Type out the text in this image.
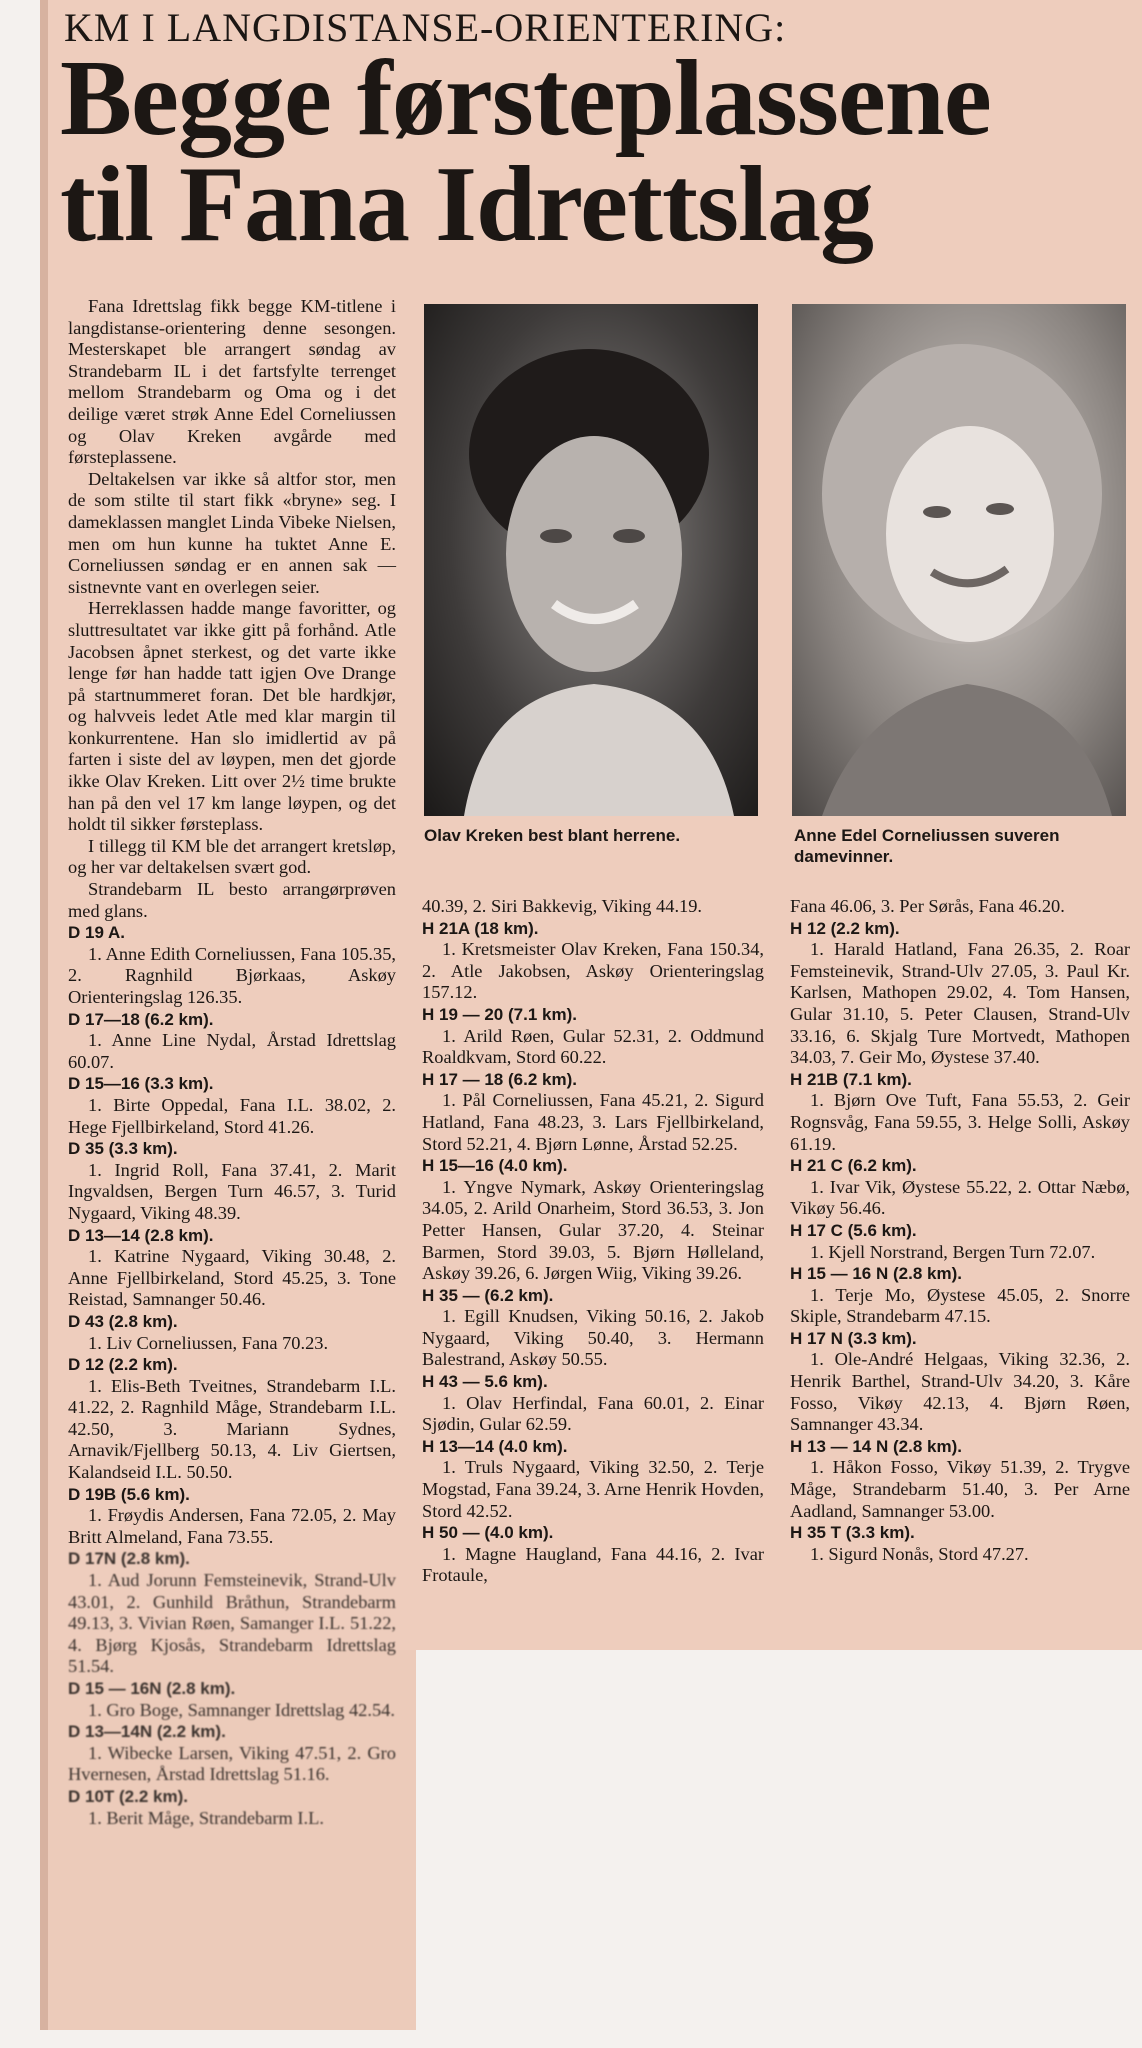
KM I LANGDISTANSE-ORIENTERING:
Begge førsteplassene
til Fana Idrettslag
Olav Kreken best blant herrene.	Anne Edel Corneliussen suveren damevinner.

Fana Idrettslag fikk begge KM-titlene i langdistanse-orientering denne sesongen. Mesterskapet ble arrangert søndag av Strandebarm IL i det fartsfylte terrenget mellom Strandebarm og Oma og i det deilige været strøk Anne Edel Corneliussen og Olav Kreken avgårde med førsteplassene.

Deltakelsen var ikke så altfor stor, men de som stilte til start fikk «bryne» seg. I dameklassen manglet Linda Vibeke Nielsen, men om hun kunne ha tuktet Anne E. Corneliussen søndag er en annen sak — sistnevnte vant en overlegen seier.

Herreklassen hadde mange favoritter, og sluttresultatet var ikke gitt på forhånd. Atle Jacobsen åpnet sterkest, og det varte ikke lenge før han hadde tatt igjen Ove Drange på startnummeret foran. Det ble hardkjør, og halvveis ledet Atle med klar margin til konkurrentene. Han slo imidlertid av på farten i siste del av løypen, men det gjorde ikke Olav Kreken. Litt over 2½ time brukte han på den vel 17 km lange løypen, og det holdt til sikker førsteplass.

I tillegg til KM ble det arrangert kretsløp, og her var deltakelsen svært god.

Strandebarm IL besto arrangørprøven med glans.

D 19 A.
1. Anne Edith Corneliussen, Fana 105.35, 2. Ragnhild Bjørkaas, Askøy Orienteringslag 126.35.
D 17—18 (6.2 km).
1. Anne Line Nydal, Årstad Idrettslag 60.07.
D 15—16 (3.3 km).
1. Birte Oppedal, Fana I.L. 38.02, 2. Hege Fjellbirkeland, Stord 41.26.
D 35 (3.3 km).
1. Ingrid Roll, Fana 37.41, 2. Marit Ingvaldsen, Bergen Turn 46.57, 3. Turid Nygaard, Viking 48.39.
D 13—14 (2.8 km).
1. Katrine Nygaard, Viking 30.48, 2. Anne Fjellbirkeland, Stord 45.25, 3. Tone Reistad, Samnanger 50.46.
D 43 (2.8 km).
1. Liv Corneliussen, Fana 70.23.
D 12 (2.2 km).
1. Elis-Beth Tveitnes, Strandebarm I.L. 41.22, 2. Ragnhild Måge, Strandebarm I.L. 42.50, 3. Mariann Sydnes, Arnavik/Fjellberg 50.13, 4. Liv Giertsen, Kalandseid I.L. 50.50.
D 19B (5.6 km).
1. Frøydis Andersen, Fana 72.05, 2. May Britt Almeland, Fana 73.55.
D 17N (2.8 km).
1. Aud Jorunn Femsteinevik, Strand-Ulv 43.01, 2. Gunhild Bråthun, Strandebarm 49.13, 3. Vivian Røen, Samanger I.L. 51.22, 4. Bjørg Kjosås, Strandebarm Idrettslag 51.54.
D 15 — 16N (2.8 km).
1. Gro Boge, Samnanger Idrettslag 42.54.
D 13—14N (2.2 km).
1. Wibecke Larsen, Viking 47.51, 2. Gro Hvernesen, Årstad Idrettslag 51.16.
D 10T (2.2 km).
1. Berit Måge, Strandebarm I.L.
40.39, 2. Siri Bakkevig, Viking 44.19.
H 21A (18 km).
1. Kretsmeister Olav Kreken, Fana 150.34, 2. Atle Jakobsen, Askøy Orienteringslag 157.12.
H 19 — 20 (7.1 km).
1. Arild Røen, Gular 52.31, 2. Oddmund Roaldkvam, Stord 60.22.
H 17 — 18 (6.2 km).
1. Pål Corneliussen, Fana 45.21, 2. Sigurd Hatland, Fana 48.23, 3. Lars Fjellbirkeland, Stord 52.21, 4. Bjørn Lønne, Årstad 52.25.
H 15—16 (4.0 km).
1. Yngve Nymark, Askøy Orienteringslag 34.05, 2. Arild Onarheim, Stord 36.53, 3. Jon Petter Hansen, Gular 37.20, 4. Steinar Barmen, Stord 39.03, 5. Bjørn Hølleland, Askøy 39.26, 6. Jørgen Wiig, Viking 39.26.
H 35 — (6.2 km).
1. Egill Knudsen, Viking 50.16, 2. Jakob Nygaard, Viking 50.40, 3. Hermann Balestrand, Askøy 50.55.
H 43 — 5.6 km).
1. Olav Herfindal, Fana 60.01, 2. Einar Sjødin, Gular 62.59.
H 13—14 (4.0 km).
1. Truls Nygaard, Viking 32.50, 2. Terje Mogstad, Fana 39.24, 3. Arne Henrik Hovden, Stord 42.52.
H 50 — (4.0 km).
1. Magne Haugland, Fana 44.16, 2. Ivar Frotaule,
Fana 46.06, 3. Per Sørås, Fana 46.20.
H 12 (2.2 km).
1. Harald Hatland, Fana 26.35, 2. Roar Femsteinevik, Strand-Ulv 27.05, 3. Paul Kr. Karlsen, Mathopen 29.02, 4. Tom Hansen, Gular 31.10, 5. Peter Clausen, Strand-Ulv 33.16, 6. Skjalg Ture Mortvedt, Mathopen 34.03, 7. Geir Mo, Øystese 37.40.
H 21B (7.1 km).
1. Bjørn Ove Tuft, Fana 55.53, 2. Geir Rognsvåg, Fana 59.55, 3. Helge Solli, Askøy 61.19.
H 21 C (6.2 km).
1. Ivar Vik, Øystese 55.22, 2. Ottar Næbø, Vikøy 56.46.
H 17 C (5.6 km).
1. Kjell Norstrand, Bergen Turn 72.07.
H 15 — 16 N (2.8 km).
1. Terje Mo, Øystese 45.05, 2. Snorre Skiple, Strandebarm 47.15.
H 17 N (3.3 km).
1. Ole-André Helgaas, Viking 32.36, 2. Henrik Barthel, Strand-Ulv 34.20, 3. Kåre Fosso, Vikøy 42.13, 4. Bjørn Røen, Samnanger 43.34.
H 13 — 14 N (2.8 km).
1. Håkon Fosso, Vikøy 51.39, 2. Trygve Måge, Strandebarm 51.40, 3. Per Arne Aadland, Samnanger 53.00.
H 35 T (3.3 km).
1. Sigurd Nonås, Stord 47.27.
